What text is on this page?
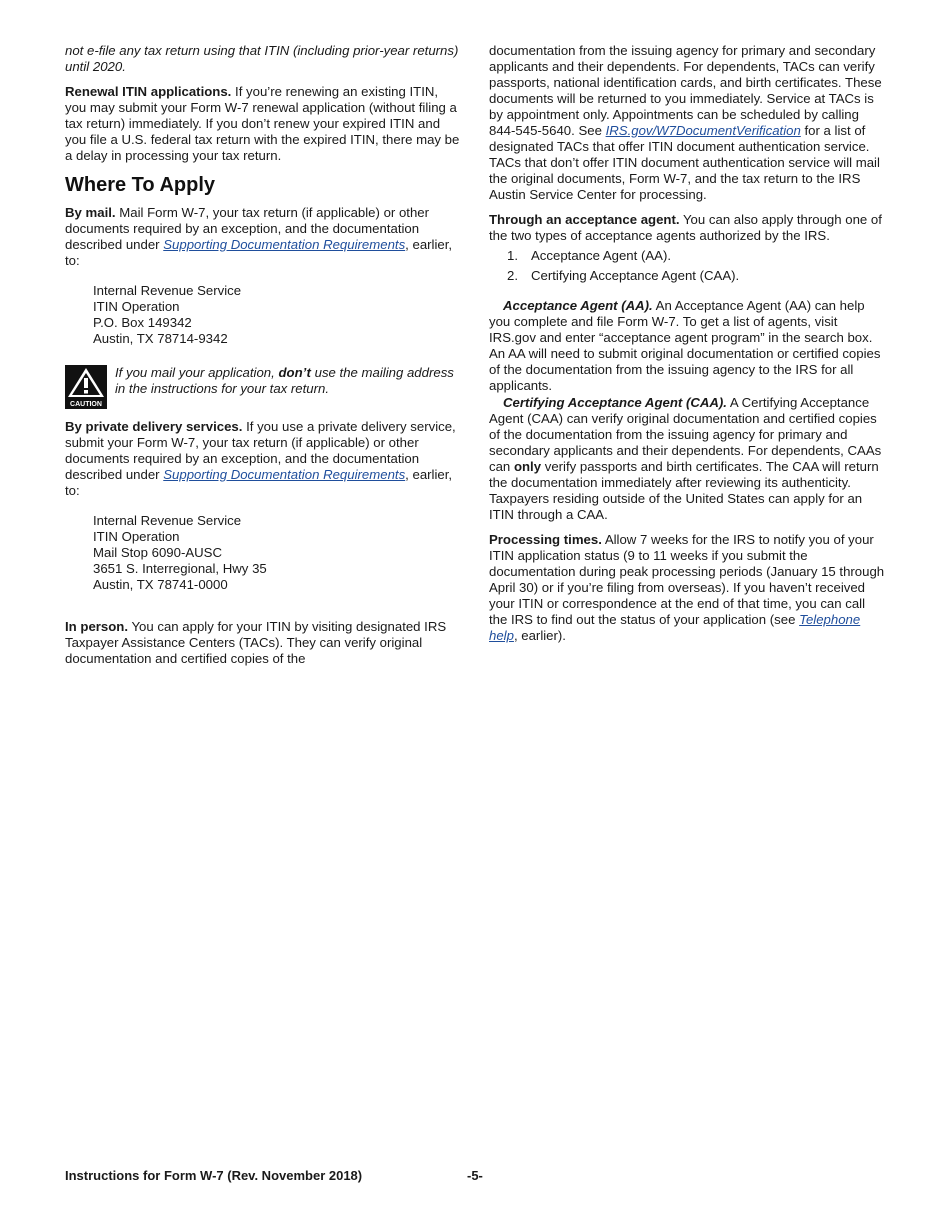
not e-file any tax return using that ITIN (including prior-year returns) until 2020.

Renewal ITIN applications. If you’re renewing an existing ITIN, you may submit your Form W-7 renewal application (without filing a tax return) immediately. If you don’t renew your expired ITIN and you file a U.S. federal tax return with the expired ITIN, there may be a delay in processing your tax return.

Where To Apply

By mail. Mail Form W-7, your tax return (if applicable) or other documents required by an exception, and the documentation described under Supporting Documentation Requirements, earlier, to:

Internal Revenue Service
ITIN Operation
P.O. Box 149342
Austin, TX 78714-9342
CAUTION
If you mail your application, don’t use the mailing address in the instructions for your tax return.

By private delivery services. If you use a private delivery service, submit your Form W-7, your tax return (if applicable) or other documents required by an exception, and the documentation described under Supporting Documentation Requirements, earlier, to:

Internal Revenue Service
ITIN Operation
Mail Stop 6090-AUSC
3651 S. Interregional, Hwy 35
Austin, TX 78741-0000

In person. You can apply for your ITIN by visiting designated IRS Taxpayer Assistance Centers (TACs). They can verify original documentation and certified copies of the

documentation from the issuing agency for primary and secondary applicants and their dependents. For dependents, TACs can verify passports, national identification cards, and birth certificates. These documents will be returned to you immediately. Service at TACs is by appointment only. Appointments can be scheduled by calling 844-545-5640. See IRS.gov/W7DocumentVerification for a list of designated TACs that offer ITIN document authentication service. TACs that don’t offer ITIN document authentication service will mail the original documents, Form W-7, and the tax return to the IRS Austin Service Center for processing.

Through an acceptance agent. You can also apply through one of the two types of acceptance agents authorized by the IRS.

1. Acceptance Agent (AA).
2. Certifying Acceptance Agent (CAA).

Acceptance Agent (AA). An Acceptance Agent (AA) can help you complete and file Form W-7. To get a list of agents, visit IRS.gov and enter “acceptance agent program” in the search box. An AA will need to submit original documentation or certified copies of the documentation from the issuing agency to the IRS for all applicants.

Certifying Acceptance Agent (CAA). A Certifying Acceptance Agent (CAA) can verify original documentation and certified copies of the documentation from the issuing agency for primary and secondary applicants and their dependents. For dependents, CAAs can only verify passports and birth certificates. The CAA will return the documentation immediately after reviewing its authenticity. Taxpayers residing outside of the United States can apply for an ITIN through a CAA.

Processing times. Allow 7 weeks for the IRS to notify you of your ITIN application status (9 to 11 weeks if you submit the documentation during peak processing periods (January 15 through April 30) or if you’re filing from overseas). If you haven’t received your ITIN or correspondence at the end of that time, you can call the IRS to find out the status of your application (see Telephone help, earlier).

Instructions for Form W-7 (Rev. November 2018)	-5-
